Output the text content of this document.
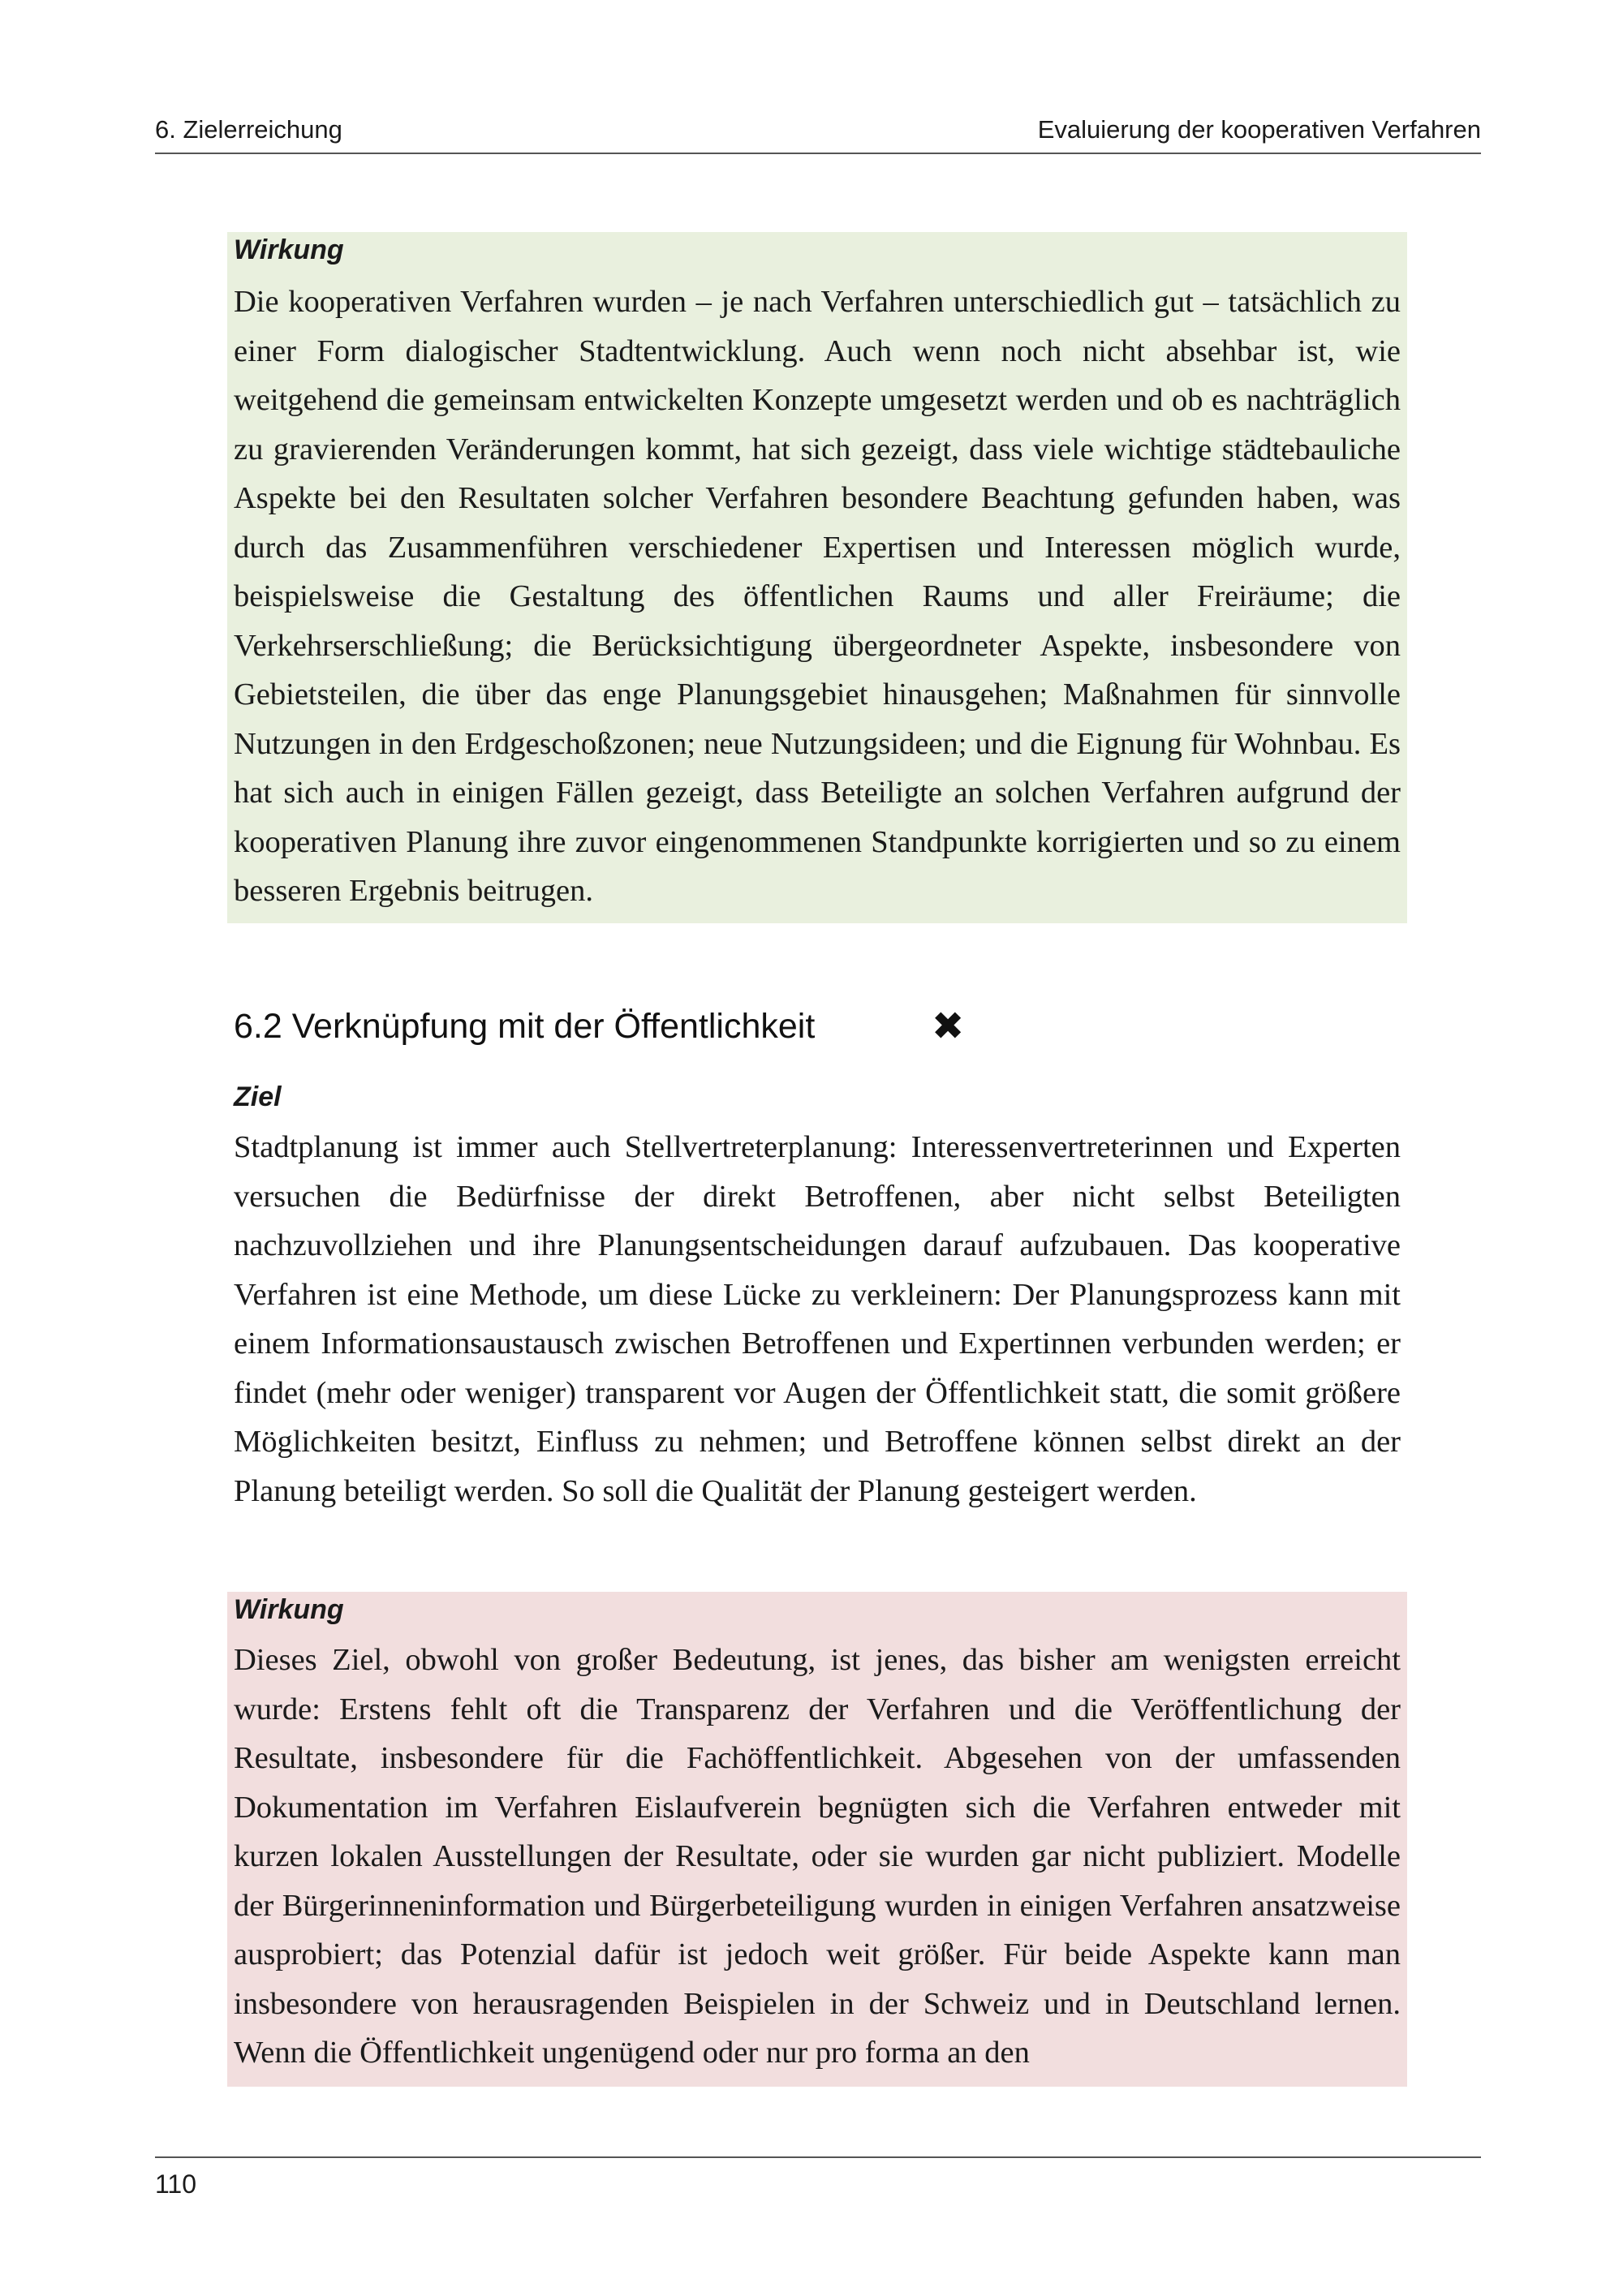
6. Zielerreichung	Evaluierung der kooperativen Verfahren

Wirkung

Die kooperativen Verfahren wurden – je nach Verfahren unterschiedlich gut – tatsächlich zu einer Form dialogischer Stadtentwicklung. Auch wenn noch nicht absehbar ist, wie weitgehend die gemeinsam entwickelten Konzepte umgesetzt werden und ob es nachträglich zu gravierenden Veränderungen kommt, hat sich gezeigt, dass viele wichtige städtebauliche Aspekte bei den Resultaten solcher Verfahren besondere Beachtung gefunden haben, was durch das Zusammenführen verschiedener Expertisen und Interessen möglich wurde, beispielsweise die Gestaltung des öffentlichen Raums und aller Freiräume; die Verkehrserschließung; die Berücksichtigung übergeordneter Aspekte, insbesondere von Gebietsteilen, die über das enge Planungsgebiet hinausgehen; Maßnahmen für sinnvolle Nutzungen in den Erdgeschoßzonen; neue Nutzungsideen; und die Eignung für Wohnbau. Es hat sich auch in einigen Fällen gezeigt, dass Beteiligte an solchen Verfahren aufgrund der kooperativen Planung ihre zuvor eingenommenen Standpunkte korrigierten und so zu einem besseren Ergebnis beitrugen.

6.2 Verknüpfung mit der Öffentlichkeit	✖

Ziel

Stadtplanung ist immer auch Stellvertreterplanung: Interessenvertreterinnen und Experten versuchen die Bedürfnisse der direkt Betroffenen, aber nicht selbst Beteiligten nachzuvollziehen und ihre Planungsentscheidungen darauf aufzubauen. Das kooperative Verfahren ist eine Methode, um diese Lücke zu verkleinern: Der Planungsprozess kann mit einem Informationsaustausch zwischen Betroffenen und Expertinnen verbunden werden; er findet (mehr oder weniger) transparent vor Augen der Öffentlichkeit statt, die somit größere Möglichkeiten besitzt, Einfluss zu nehmen; und Betroffene können selbst direkt an der Planung beteiligt werden. So soll die Qualität der Planung gesteigert werden.

Wirkung

Dieses Ziel, obwohl von großer Bedeutung, ist jenes, das bisher am wenigsten erreicht wurde: Erstens fehlt oft die Transparenz der Verfahren und die Veröffentlichung der Resultate, insbesondere für die Fachöffentlichkeit. Abgesehen von der umfassenden Dokumentation im Verfahren Eislaufverein begnügten sich die Verfahren entweder mit kurzen lokalen Ausstellungen der Resultate, oder sie wurden gar nicht publiziert. Modelle der Bürgerinneninformation und Bürgerbeteiligung wurden in einigen Verfahren ansatzweise ausprobiert; das Potenzial dafür ist jedoch weit größer. Für beide Aspekte kann man insbesondere von herausragenden Beispielen in der Schweiz und in Deutschland lernen. Wenn die Öffentlichkeit ungenügend oder nur pro forma an den

110
